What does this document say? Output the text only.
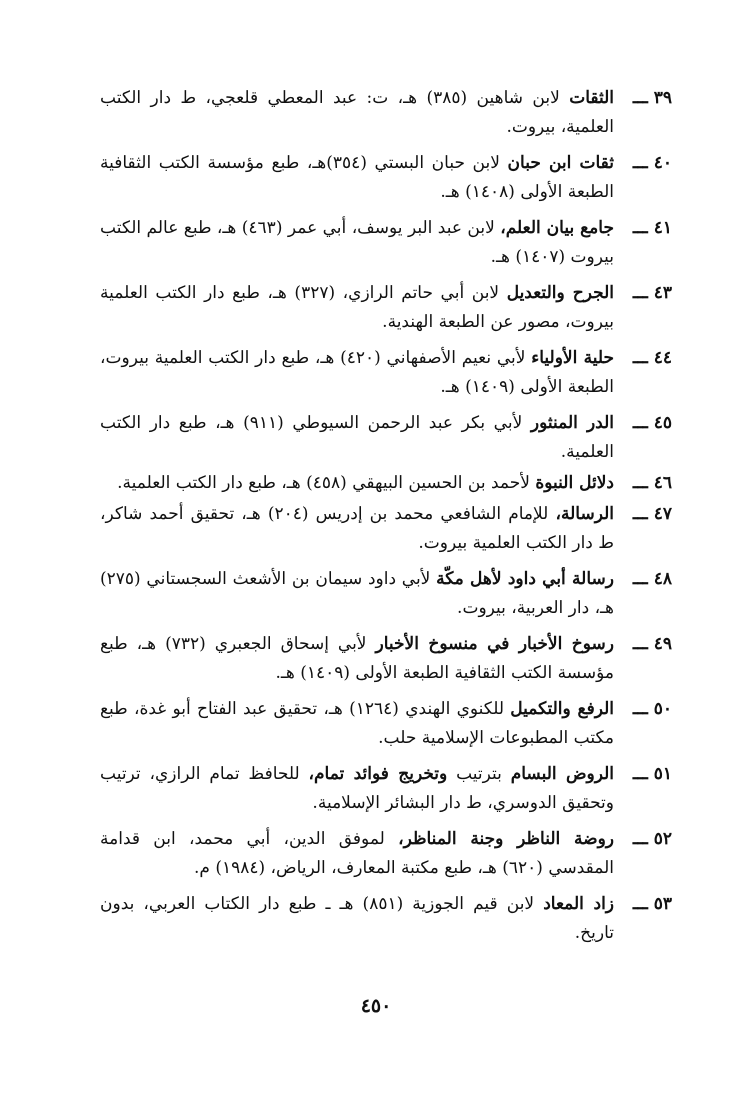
٣٩ ـــالثقات لابن شاهين (٣٨٥) هـ، ت: عبد المعطي قلعجي، ط دار الكتب العلمية، بيروت.

٤٠ ـــثقات ابن حبان لابن حبان البستي (٣٥٤)هـ، طبع مؤسسة الكتب الثقافية الطبعة الأولى (١٤٠٨) هـ.

٤١ ـــجامع بيان العلم، لابن عبد البر يوسف، أبي عمر (٤٦٣) هـ، طبع عالم الكتب بيروت (١٤٠٧) هـ.

٤٣ ـــالجرح والتعديل لابن أبي حاتم الرازي، (٣٢٧) هـ، طبع دار الكتب العلمية بيروت، مصور عن الطبعة الهندية.

٤٤ ـــحلية الأولياء لأبي نعيم الأصفهاني (٤٢٠) هـ، طبع دار الكتب العلمية بيروت، الطبعة الأولى (١٤٠٩) هـ.

٤٥ ـــالدر المنثور لأبي بكر عبد الرحمن السيوطي (٩١١) هـ، طبع دار الكتب العلمية.

٤٦ ـــدلائل النبوة لأحمد بن الحسين البيهقي (٤٥٨) هـ، طبع دار الكتب العلمية.

٤٧ ـــالرسالة، للإمام الشافعي محمد بن إدريس (٢٠٤) هـ، تحقيق أحمد شاكر، ط دار الكتب العلمية بيروت.

٤٨ ـــرسالة أبي داود لأهل مكّة لأبي داود سيمان بن الأشعث السجستاني (٢٧٥) هـ، دار العربية، بيروت.

٤٩ ـــرسوخ الأخبار في منسوخ الأخبار لأبي إسحاق الجعبري (٧٣٢) هـ، طبع مؤسسة الكتب الثقافية الطبعة الأولى (١٤٠٩) هـ.

٥٠ ـــالرفع والتكميل للكنوي الهندي (١٢٦٤) هـ، تحقيق عبد الفتاح أبو غدة، طبع مكتب المطبوعات الإسلامية حلب.

٥١ ـــالروض البسام بترتيب وتخريج فوائد تمام، للحافظ تمام الرازي، ترتيب وتحقيق الدوسري، ط دار البشائر الإسلامية.

٥٢ ـــروضة الناظر وجنة المناظر، لموفق الدين، أبي محمد، ابن قدامة المقدسي (٦٢٠) هـ، طبع مكتبة المعارف، الرياض، (١٩٨٤) م.

٥٣ ـــزاد المعاد لابن قيم الجوزية (٨٥١) هـ ـ طبع دار الكتاب العربي، بدون تاريخ.

٤٥٠
